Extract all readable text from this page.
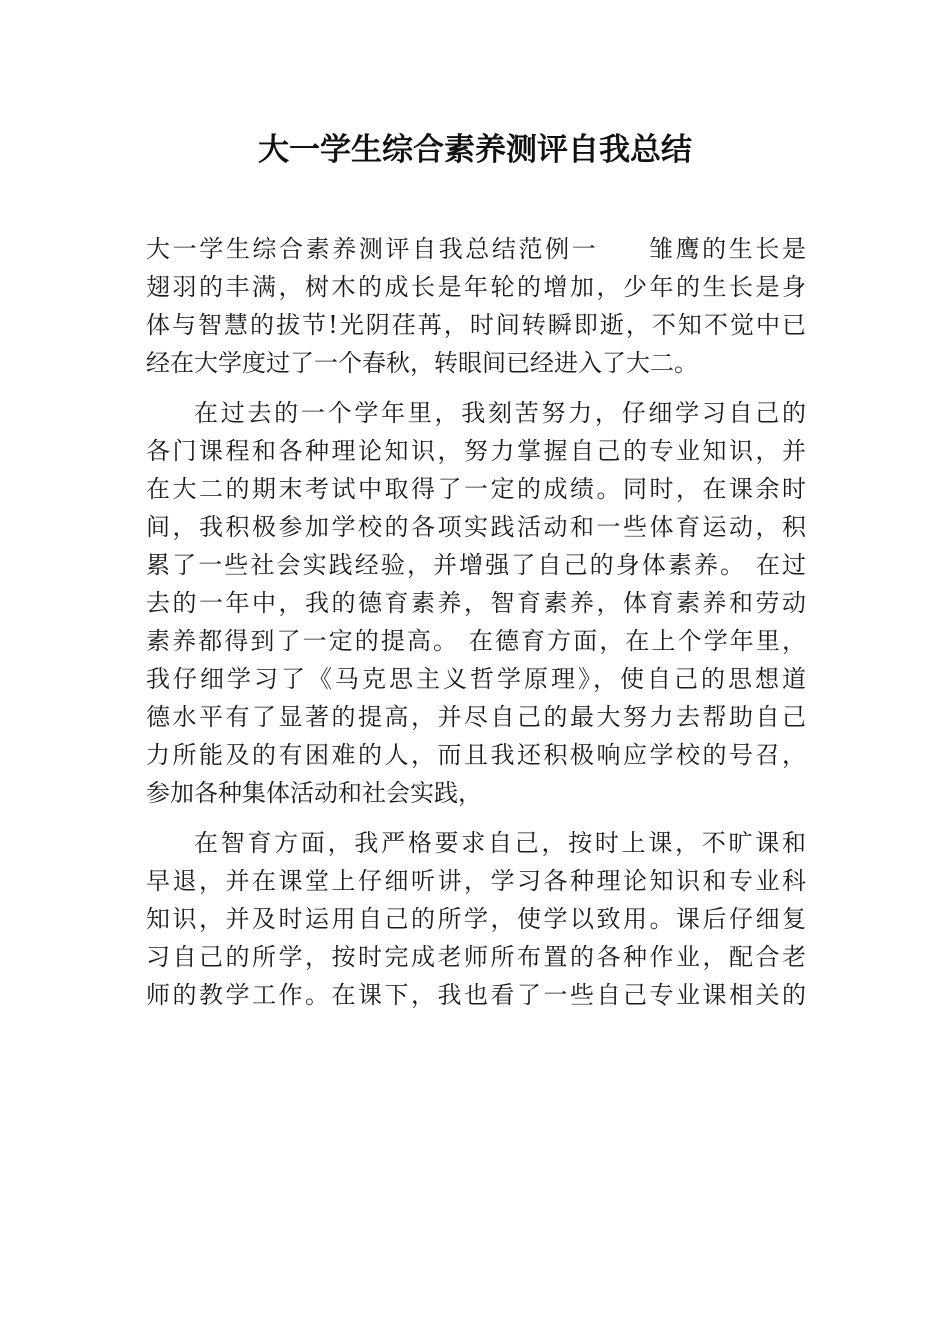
大一学生综合素养测评自我总结

大一学生综合素养测评自我总结范例一 雏鹰的生长是
翅羽的丰满，树木的成长是年轮的增加，少年的生长是身
体与智慧的拔节!光阴荏苒，时间转瞬即逝，不知不觉中已
经在大学度过了一个春秋，转眼间已经进入了大二。

在过去的一个学年里，我刻苦努力，仔细学习自己的
各门课程和各种理论知识，努力掌握自己的专业知识，并
在大二的期末考试中取得了一定的成绩。同时，在课余时
间，我积极参加学校的各项实践活动和一些体育运动，积
累了一些社会实践经验，并增强了自己的身体素养。 在过
去的一年中，我的德育素养，智育素养，体育素养和劳动
素养都得到了一定的提高。 在德育方面，在上个学年里，
我仔细学习了《马克思主义哲学原理》，使自己的思想道
德水平有了显著的提高，并尽自己的最大努力去帮助自己
力所能及的有困难的人，而且我还积极响应学校的号召，
参加各种集体活动和社会实践，

在智育方面，我严格要求自己，按时上课，不旷课和
早退，并在课堂上仔细听讲，学习各种理论知识和专业科
知识，并及时运用自己的所学，使学以致用。课后仔细复
习自己的所学，按时完成老师所布置的各种作业，配合老
师的教学工作。在课下，我也看了一些自己专业课相关的
